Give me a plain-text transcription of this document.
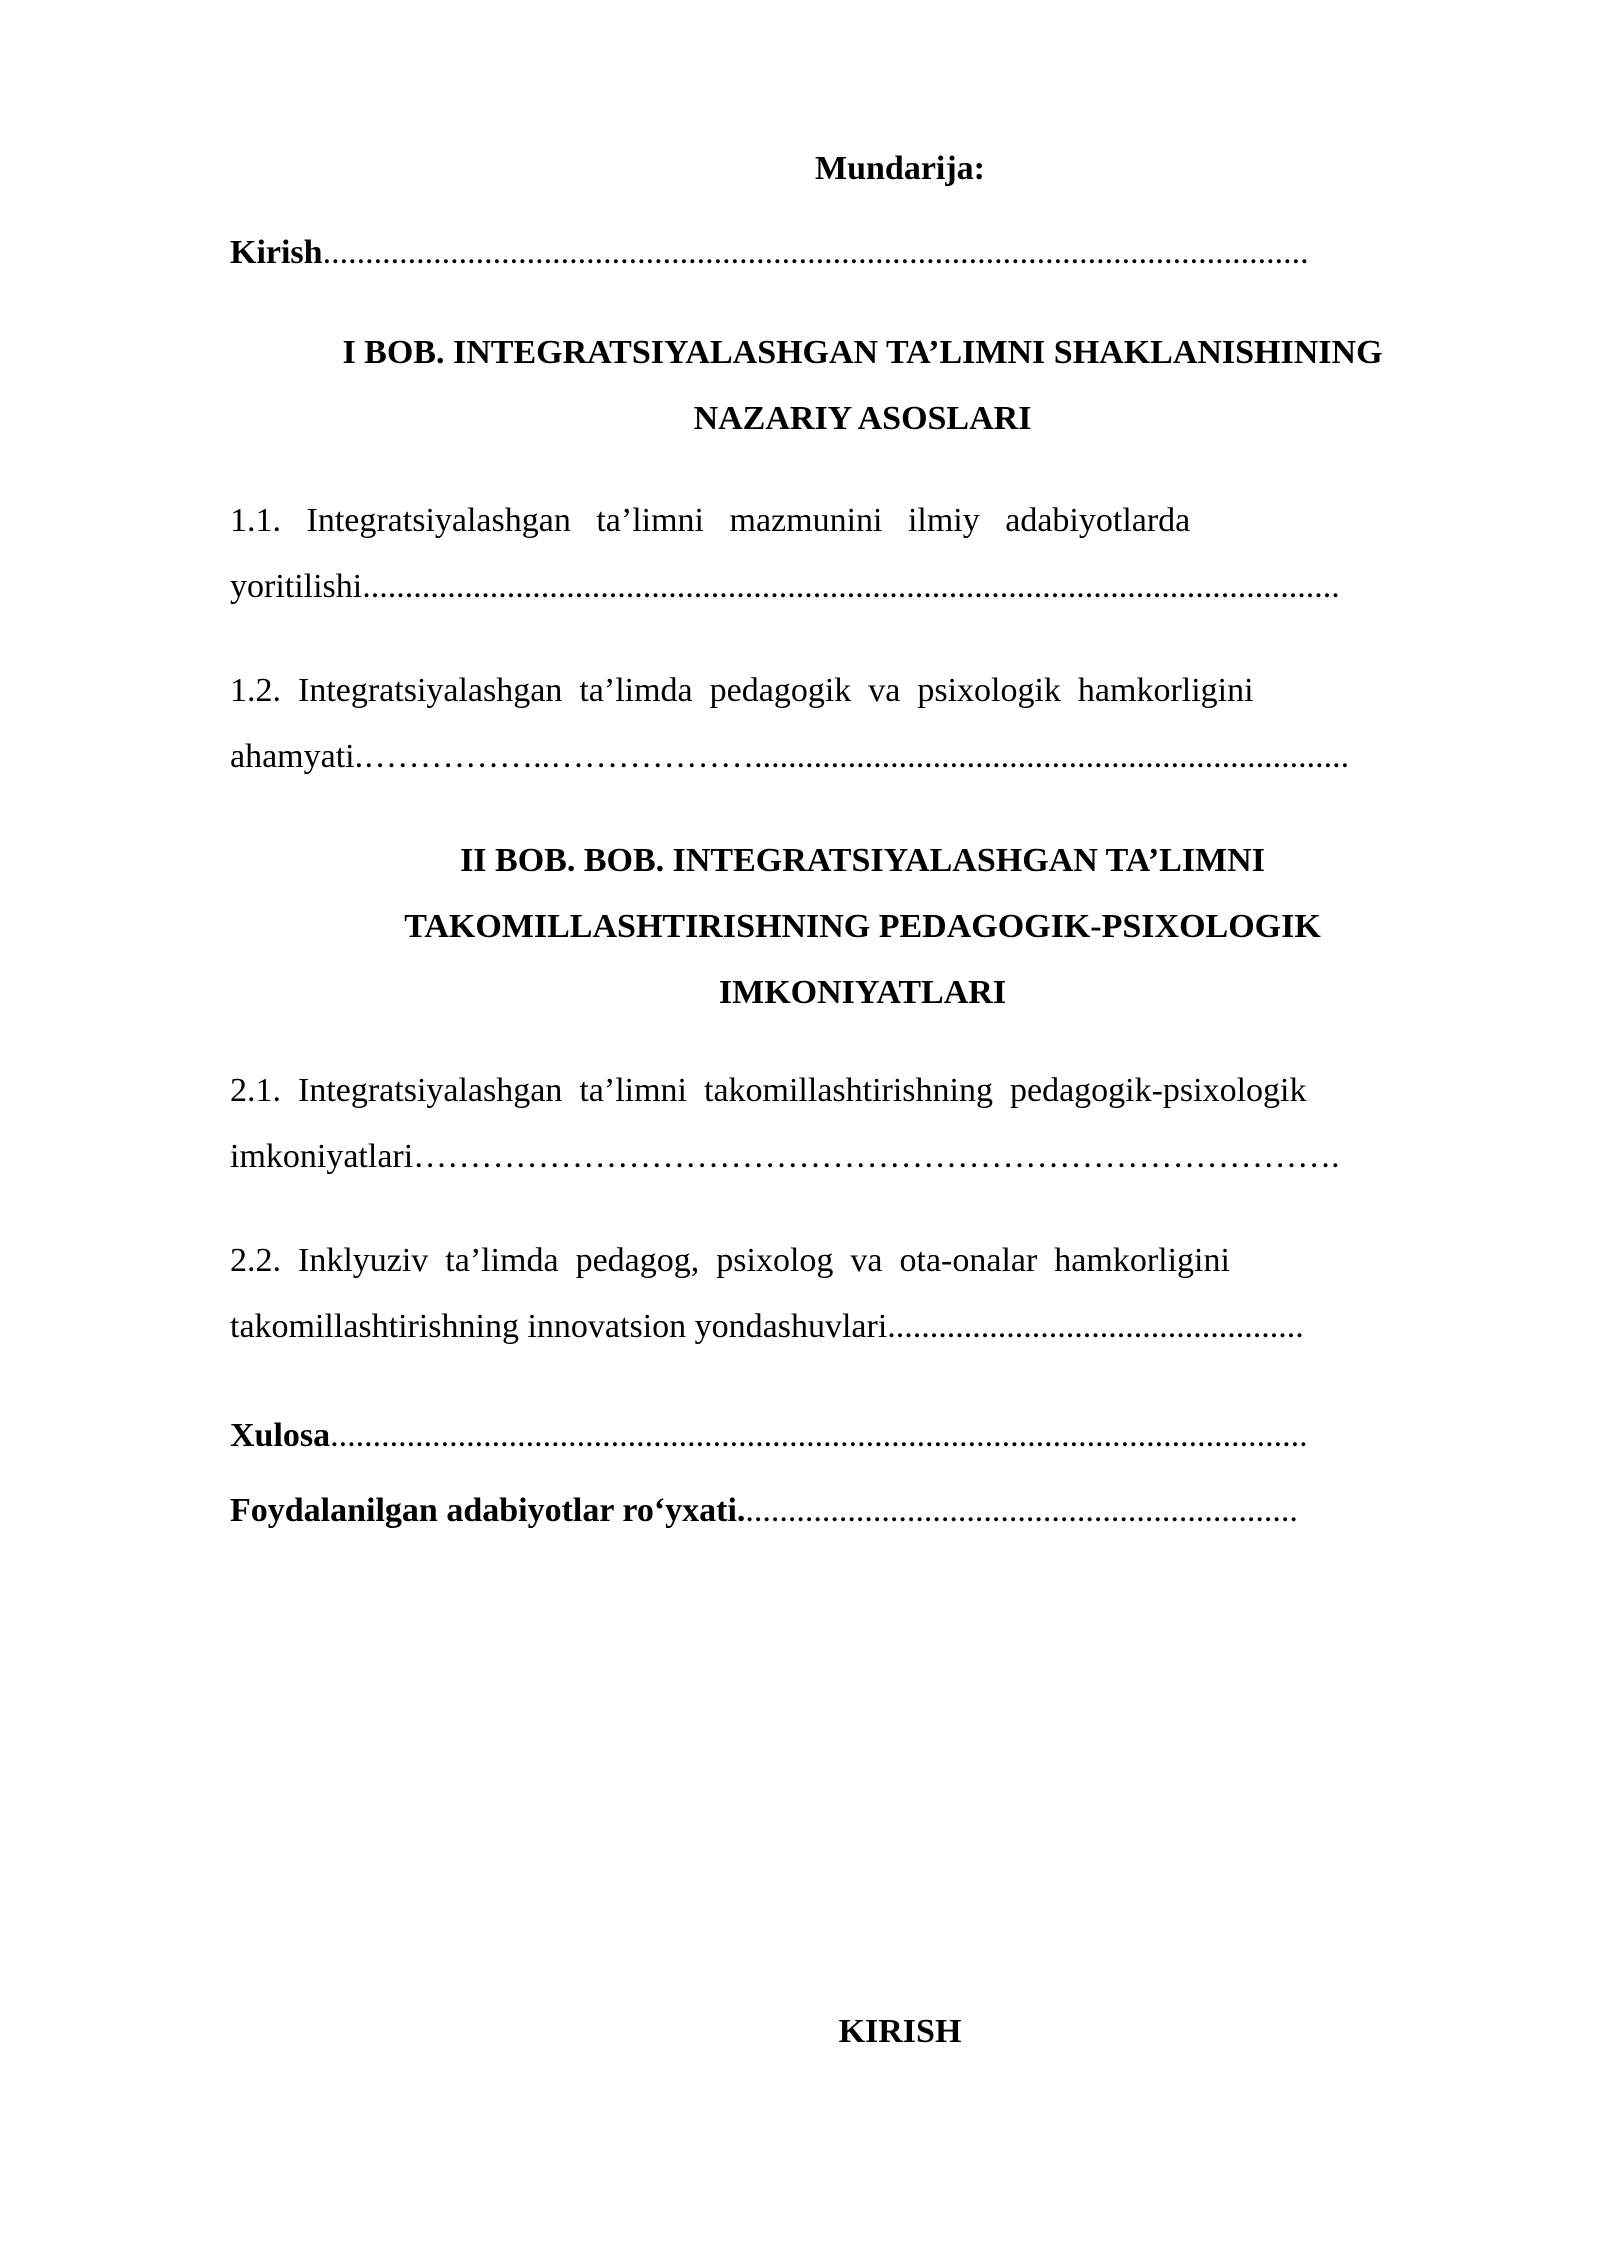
Mundarija:
Kirish....................................................................................................................
I BOB. INTEGRATSIYALASHGAN TA’LIMNI SHAKLANISHINING
NAZARIY ASOSLARI
1.1.   Integratsiyalashgan   ta’limni   mazmunini   ilmiy   adabiyotlarda
yoritilishi...................................................................................................................
1.2.  Integratsiyalashgan  ta’limda  pedagogik  va  psixologik  hamkorligini
ahamyati.……………..………………......................................................................
II BOB. BOB. INTEGRATSIYALASHGAN TA’LIMNI
TAKOMILLASHTIRISHNING PEDAGOGIK-PSIXOLOGIK
IMKONIYATLARI
2.1.  Integratsiyalashgan  ta’limni  takomillashtirishning  pedagogik-psixologik
imkoniyatlari……………………………………………………………………….
2.2.  Inklyuziv  ta’limda  pedagog,  psixolog  va  ota-onalar  hamkorligini
takomillashtirishning innovatsion yondashuvlari.................................................
Xulosa...................................................................................................................
Foydalanilgan adabiyotlar ro‘yxati..................................................................
KIRISH
